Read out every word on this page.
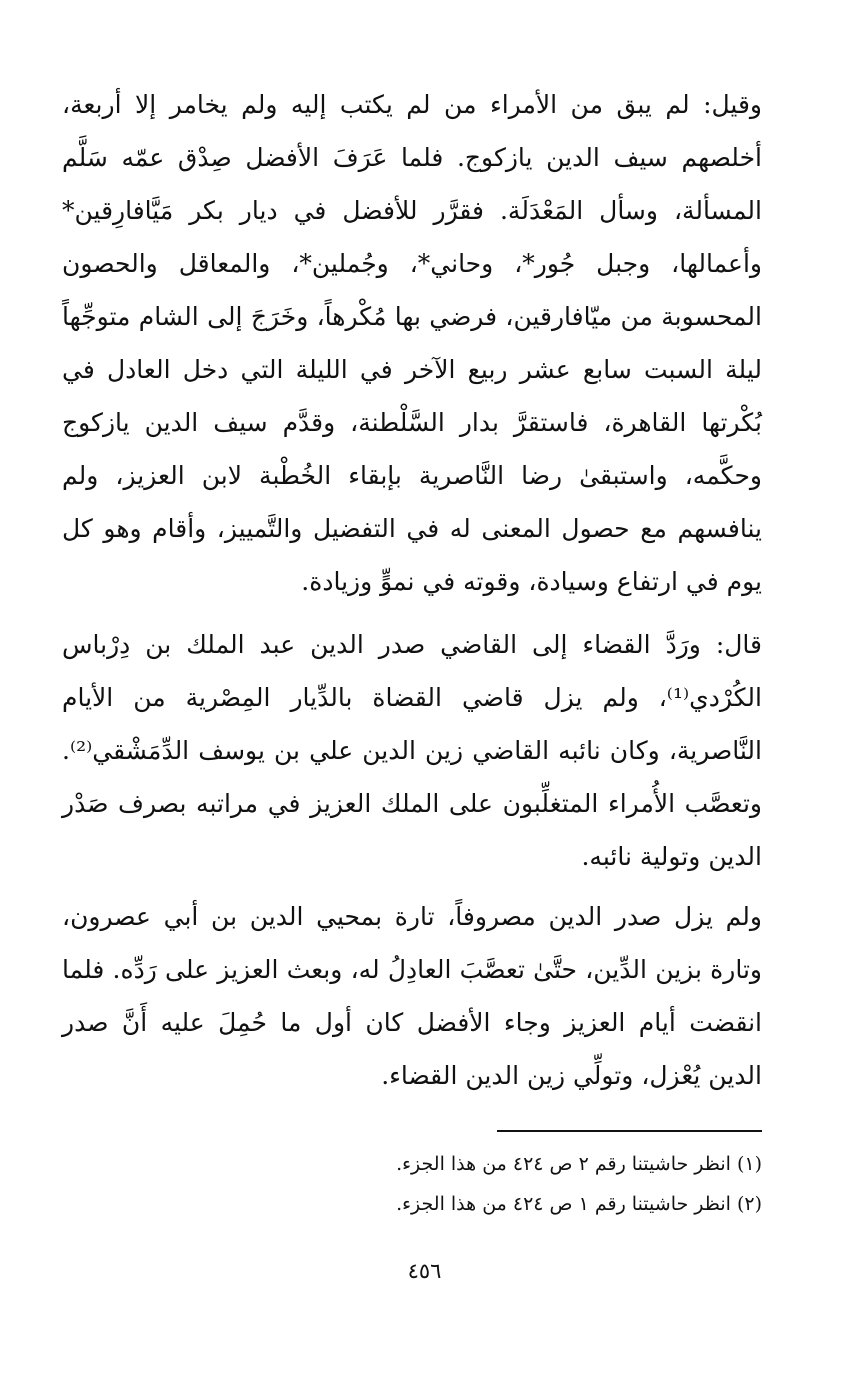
وقيل: لم يبق من الأمراء من لم يكتب إليه ولم يخامر إلا أربعة، أخلصهم سيف الدين يازكوج. فلما عَرَفَ الأفضل صِدْق عمّه سَلَّم المسألة، وسأل المَعْدَلَة. فقرَّر للأفضل في ديار بكر مَيَّافارِقين* وأعمالها، وجبل جُور*، وحاني*، وجُملين*، والمعاقل والحصون المحسوبة من ميّافارقين، فرضي بها مُكْرهاً، وخَرَجَ إلى الشام متوجِّهاً ليلة السبت سابع عشر ربيع الآخر في الليلة التي دخل العادل في بُكْرتها القاهرة، فاستقرَّ بدار السَّلْطنة، وقدَّم سيف الدين يازكوج وحكَّمه، واستبقىٰ رضا النَّاصرية بإبقاء الخُطْبة لابن العزيز، ولم ينافسهم مع حصول المعنى له في التفضيل والتَّمييز، وأقام وهو كل يوم في ارتفاع وسيادة، وقوته في نموٍّ وزيادة.

قال: ورَدَّ القضاء إلى القاضي صدر الدين عبد الملك بن دِرْباس الكُرْدي⁽¹⁾، ولم يزل قاضي القضاة بالدِّيار المِصْرية من الأيام النَّاصرية، وكان نائبه القاضي زين الدين علي بن يوسف الدِّمَشْقي⁽²⁾. وتعصَّب الأُمراء المتغلِّبون على الملك العزيز في مراتبه بصرف صَدْر الدين وتولية نائبه.

ولم يزل صدر الدين مصروفاً، تارة بمحيي الدين بن أبي عصرون، وتارة بزين الدِّين، حتَّىٰ تعصَّبَ العادِلُ له، وبعث العزيز على رَدِّه. فلما انقضت أيام العزيز وجاء الأفضل كان أول ما حُمِلَ عليه أَنَّ صدر الدين يُعْزل، وتولِّي زين الدين القضاء.

(١) انظر حاشيتنا رقم ٢ ص ٤٢٤ من هذا الجزء.

(٢) انظر حاشيتنا رقم ١ ص ٤٢٤ من هذا الجزء.

٤٥٦
